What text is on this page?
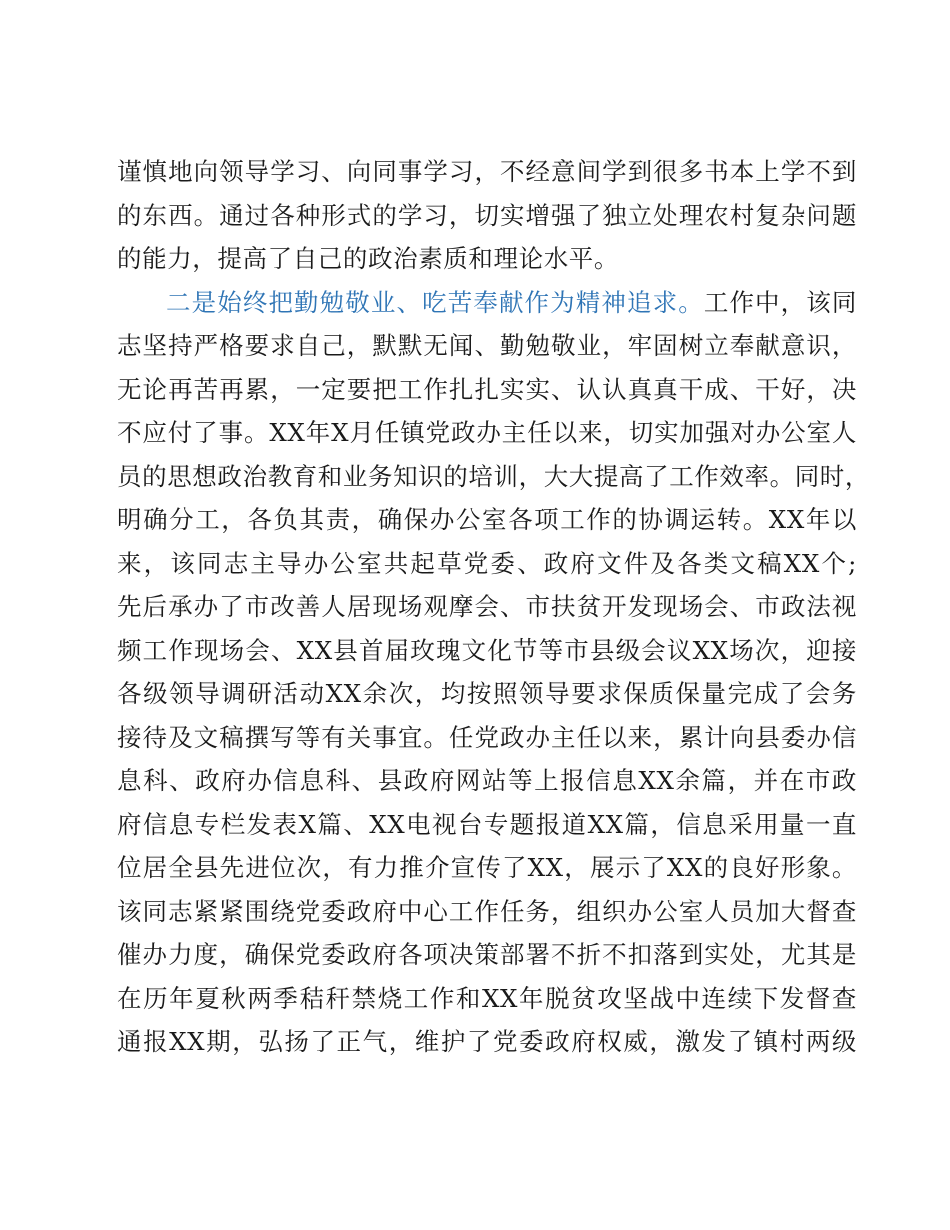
谨慎地向领导学习、向同事学习，不经意间学到很多书本上学不到
的东西。通过各种形式的学习，切实增强了独立处理农村复杂问题
的能力，提高了自己的政治素质和理论水平。
二是始终把勤勉敬业、吃苦奉献作为精神追求。工作中，该同
志坚持严格要求自己，默默无闻、勤勉敬业，牢固树立奉献意识，
无论再苦再累，一定要把工作扎扎实实、认认真真干成、干好，决
不应付了事。XX年X月任镇党政办主任以来，切实加强对办公室人
员的思想政治教育和业务知识的培训，大大提高了工作效率。同时，
明确分工，各负其责，确保办公室各项工作的协调运转。XX年以
来，该同志主导办公室共起草党委、政府文件及各类文稿XX个;
先后承办了市改善人居现场观摩会、市扶贫开发现场会、市政法视
频工作现场会、XX县首届玫瑰文化节等市县级会议XX场次，迎接
各级领导调研活动XX余次，均按照领导要求保质保量完成了会务
接待及文稿撰写等有关事宜。任党政办主任以来，累计向县委办信
息科、政府办信息科、县政府网站等上报信息XX余篇，并在市政
府信息专栏发表X篇、XX电视台专题报道XX篇，信息采用量一直
位居全县先进位次，有力推介宣传了XX，展示了XX的良好形象。
该同志紧紧围绕党委政府中心工作任务，组织办公室人员加大督查
催办力度，确保党委政府各项决策部署不折不扣落到实处，尤其是
在历年夏秋两季秸秆禁烧工作和XX年脱贫攻坚战中连续下发督查
通报XX期，弘扬了正气，维护了党委政府权威，激发了镇村两级
